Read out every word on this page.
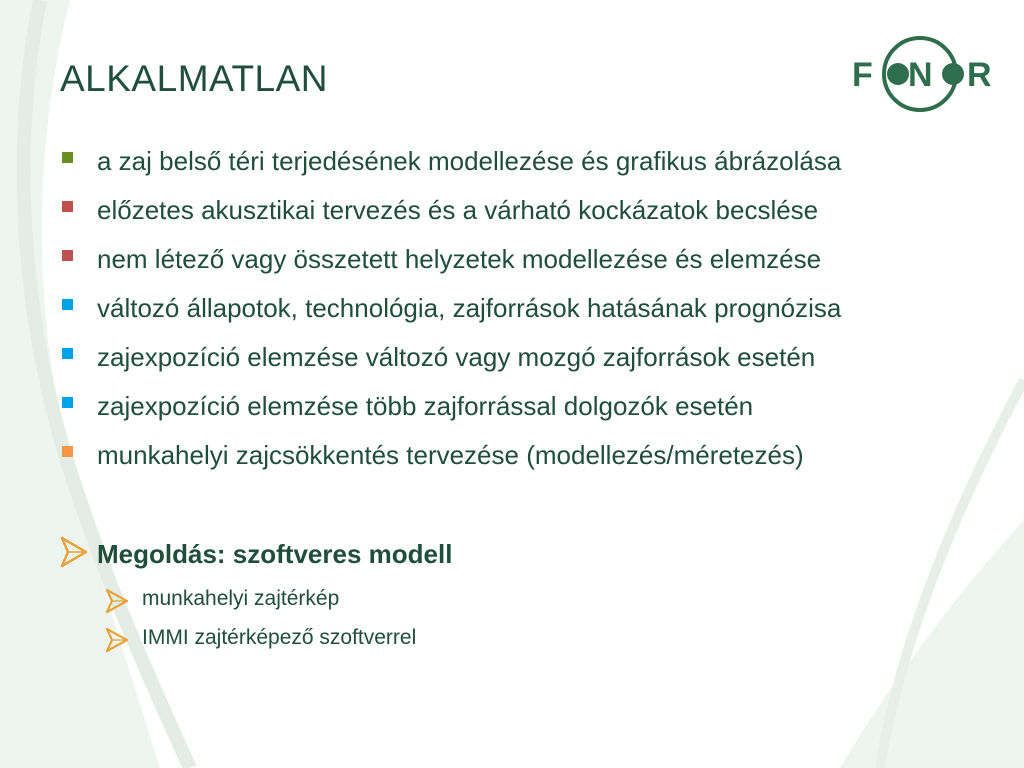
ALKALMATLAN	F N R
a zaj belső téri terjedésének modellezése és grafikus ábrázolása
előzetes akusztikai tervezés és a várható kockázatok becslése
nem létező vagy összetett helyzetek modellezése és elemzése
változó állapotok, technológia, zajforrások hatásának prognózisa
zajexpozíció elemzése változó vagy mozgó zajforrások esetén
zajexpozíció elemzése több zajforrással dolgozók esetén
munkahelyi zajcsökkentés tervezése (modellezés/méretezés)
Megoldás: szoftveres modell
munkahelyi zajtérkép
IMMI zajtérképező szoftverrel
